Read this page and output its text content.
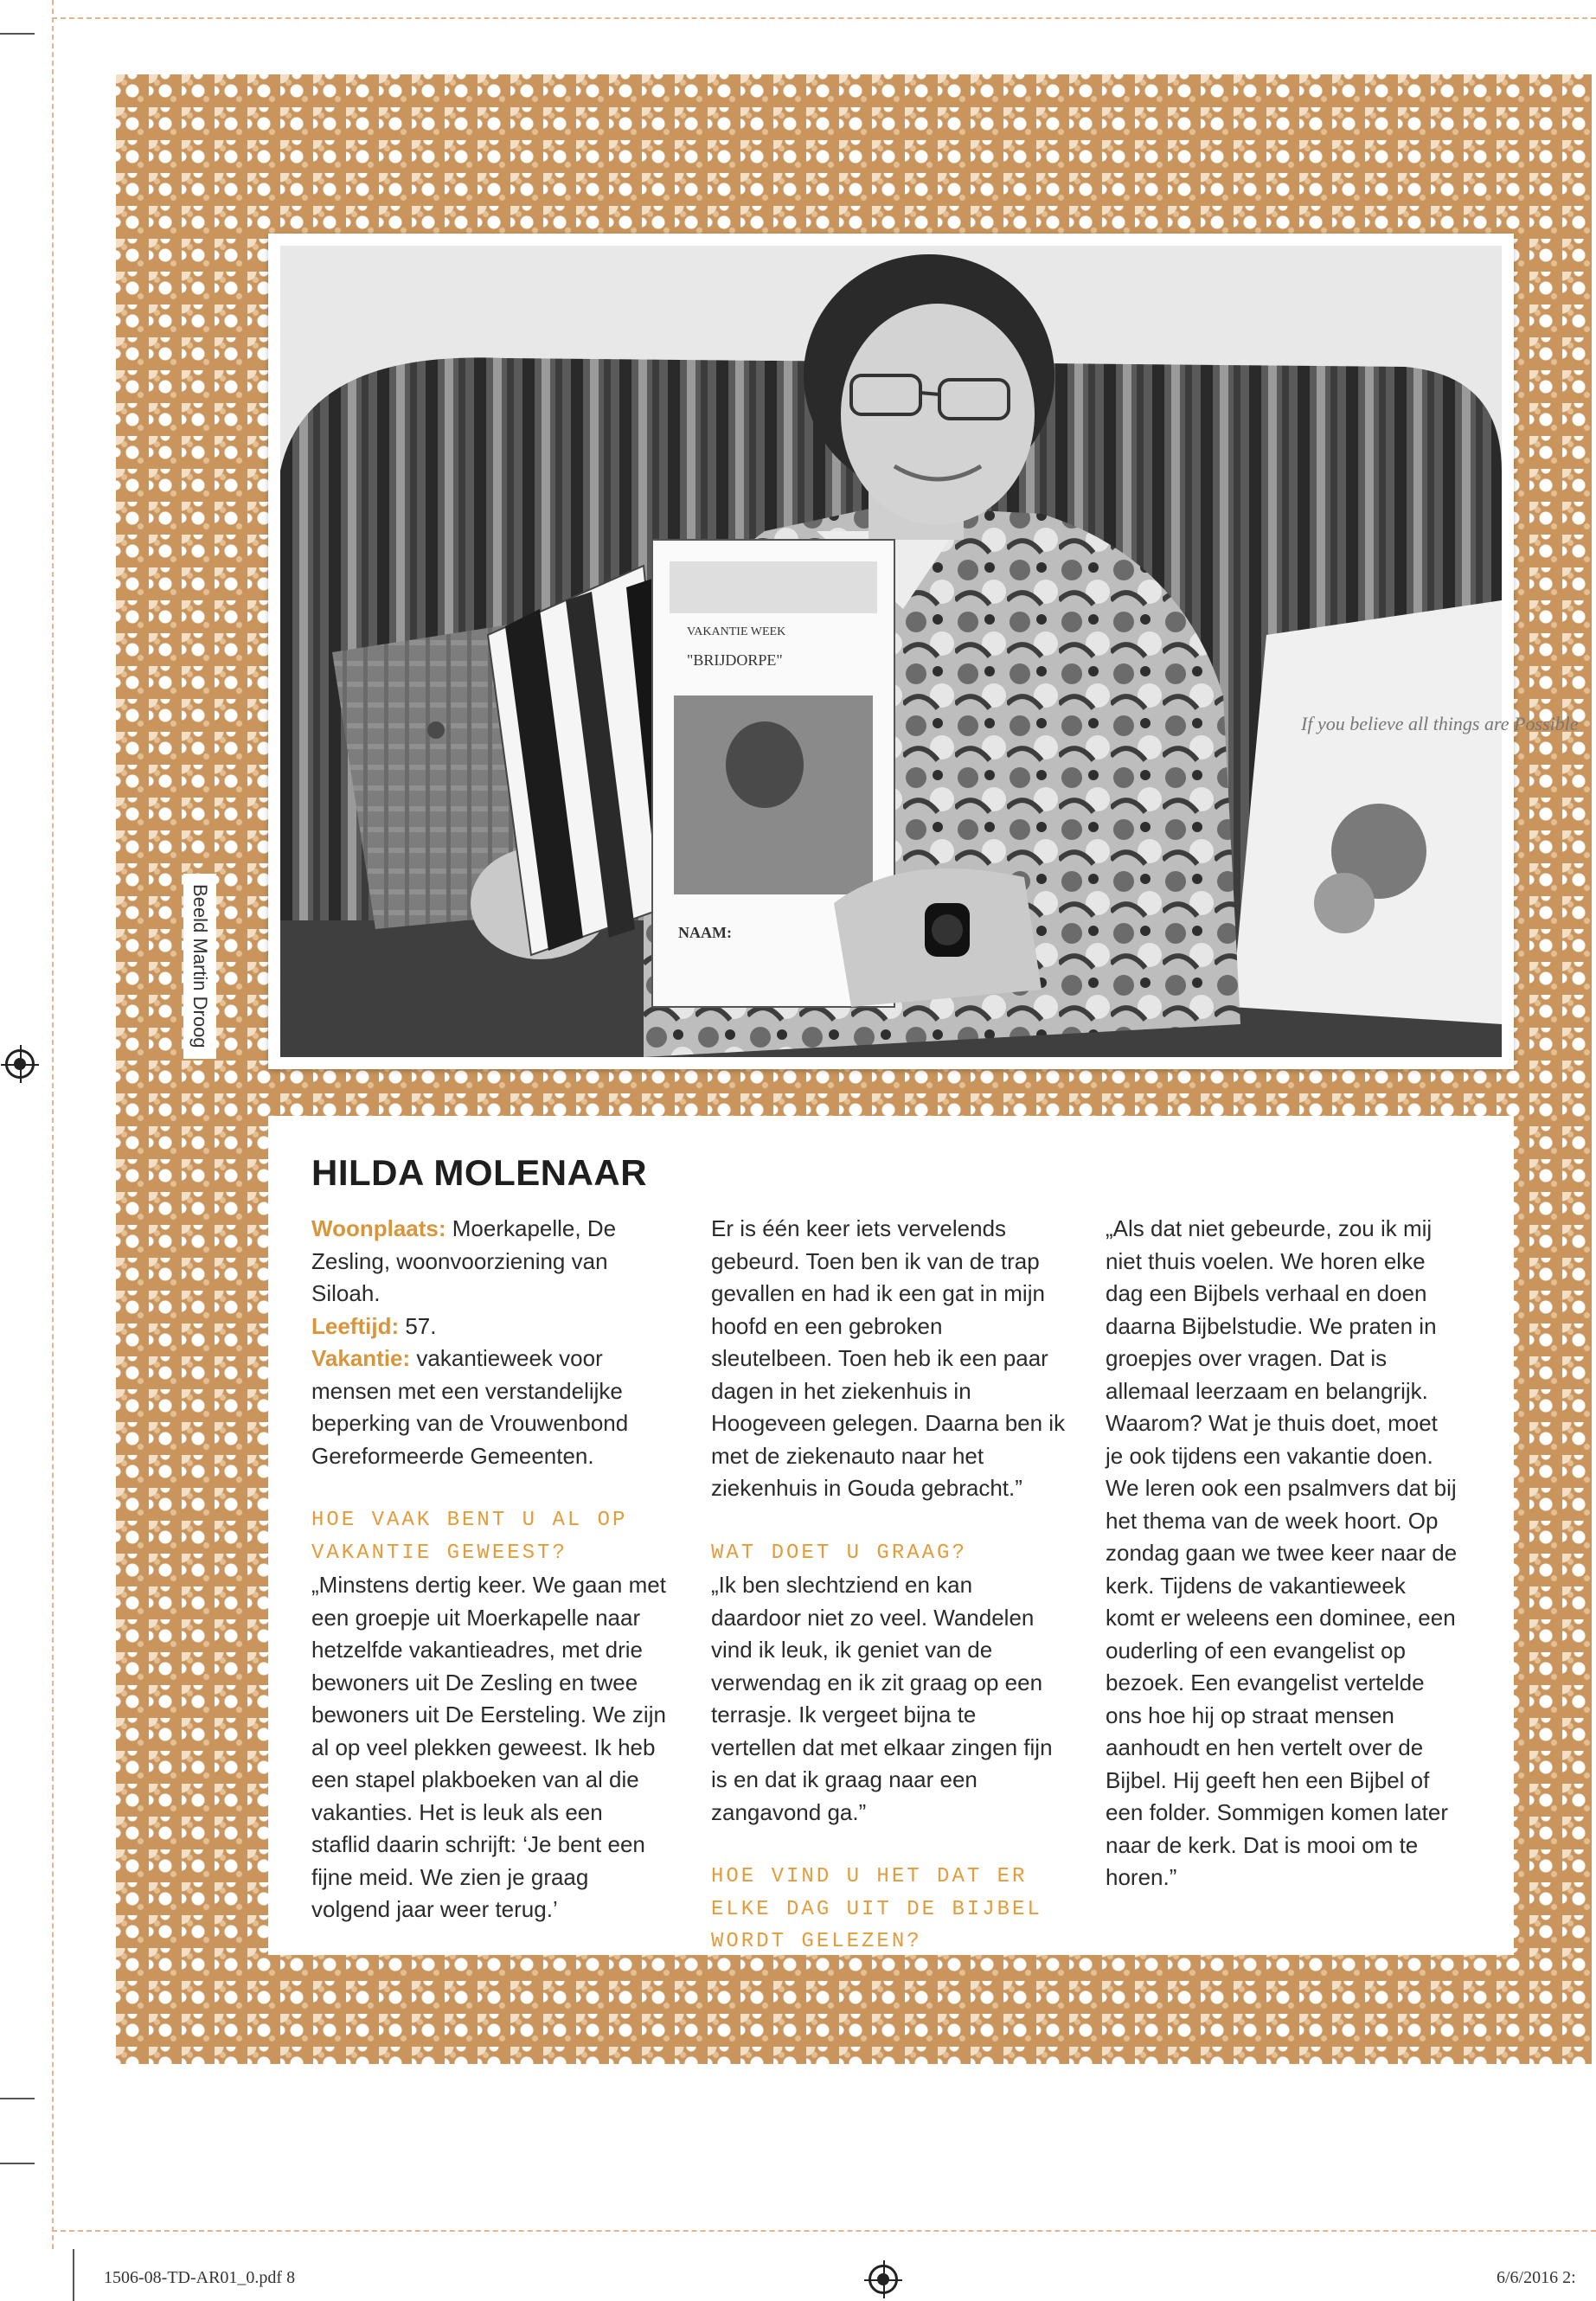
If you believe all things are Possible
VAKANTIE WEEK
"BRIJDORPE"
NAAM:
Beeld Martin Droog
HILDA MOLENAAR

Woonplaats: Moerkapelle, De Zesling, woonvoorziening van Siloah.

Leeftijd: 57.

Vakantie: vakantieweek voor mensen met een verstandelijke beperking van de Vrouwenbond Gereformeerde Gemeenten.

HOE VAAK BENT U AL OP VAKANTIE GEWEEST?

„Minstens dertig keer. We gaan met een groepje uit Moerkapelle naar hetzelfde vakantieadres, met drie bewoners uit De Zesling en twee bewoners uit De Eersteling. We zijn al op veel plekken geweest. Ik heb een stapel plakboeken van al die vakanties. Het is leuk als een staflid daarin schrijft: ‘Je bent een fijne meid. We zien je graag volgend jaar weer terug.’

Er is één keer iets vervelends gebeurd. Toen ben ik van de trap gevallen en had ik een gat in mijn hoofd en een gebroken sleutelbeen. Toen heb ik een paar dagen in het ziekenhuis in Hoogeveen gelegen. Daarna ben ik met de ziekenauto naar het ziekenhuis in Gouda gebracht.”

WAT DOET U GRAAG?

„Ik ben slechtziend en kan daardoor niet zo veel. Wandelen vind ik leuk, ik geniet van de verwendag en ik zit graag op een terrasje. Ik vergeet bijna te vertellen dat met elkaar zingen fijn is en dat ik graag naar een zangavond ga.”

HOE VIND U HET DAT ER ELKE DAG UIT DE BIJBEL WORDT GELEZEN?

„Als dat niet gebeurde, zou ik mij niet thuis voelen. We horen elke dag een Bijbels verhaal en doen daarna Bijbelstudie. We praten in groepjes over vragen. Dat is allemaal leerzaam en belangrijk. Waarom? Wat je thuis doet, moet je ook tijdens een vakantie doen. We leren ook een psalmvers dat bij het thema van de week hoort. Op zondag gaan we twee keer naar de kerk. Tijdens de vakantieweek komt er weleens een dominee, een ouderling of een evangelist op bezoek. Een evangelist vertelde ons hoe hij op straat mensen aanhoudt en hen vertelt over de Bijbel. Hij geeft hen een Bijbel of een folder. Sommigen komen later naar de kerk. Dat is mooi om te horen.”

1506-08-TD-AR01_0.pdf 8	6/6/2016 2:
